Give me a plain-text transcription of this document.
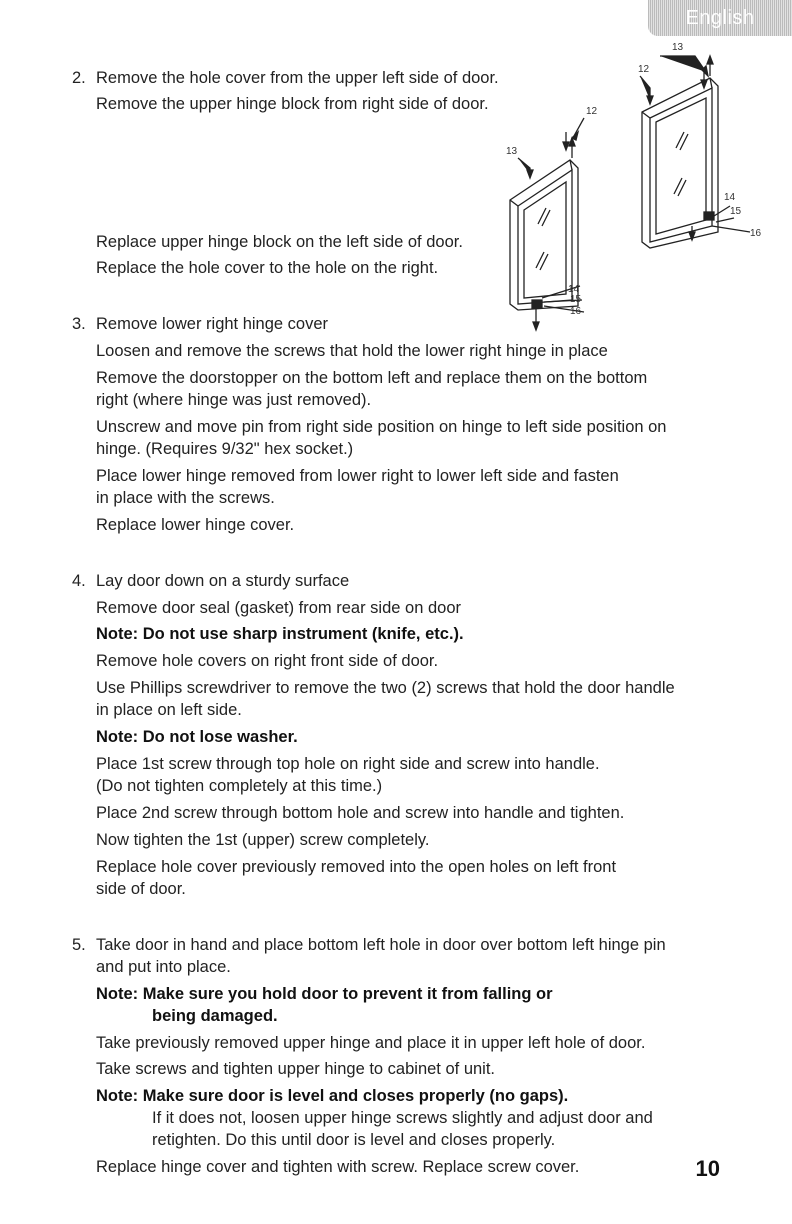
English
13
12
14
15
16
13
12
14
15
16
2. Remove the hole cover from the upper left side of door.
Remove the upper hinge block from right side of door.
Replace upper hinge block on the left side of door.
Replace the hole cover to the hole on the right.
3. Remove lower right hinge cover
Loosen and remove the screws that hold the lower right hinge in place
Remove the doorstopper on the bottom left and replace them on the bottom
right (where hinge was just removed).
Unscrew and move pin from right side position on hinge to left side position on
hinge. (Requires 9/32" hex socket.)
Place lower hinge removed from lower right to lower left side and fasten
in place with the screws.
Replace lower hinge cover.
4. Lay door down on a sturdy surface
Remove door seal (gasket) from rear side on door
Note: Do not use sharp instrument (knife, etc.).
Remove hole covers on right front side of door.
Use Phillips screwdriver to remove the two (2) screws that hold the door handle
in place on left side.
Note: Do not lose washer.
Place 1st screw through top hole on right side and screw into handle.
(Do not tighten completely at this time.)
Place 2nd screw through bottom hole and screw into handle and tighten.
Now tighten the 1st (upper) screw completely.
Replace hole cover previously removed into the open holes on left front
side of door.
5. Take door in hand and place bottom left hole in door over bottom left hinge pin
and put into place.
Note: Make sure you hold door to prevent it from falling or
being damaged.
Take previously removed upper hinge and place it in upper left hole of door.
Take screws and tighten upper hinge to cabinet of unit.
Note: Make sure door is level and closes properly (no gaps).
If it does not, loosen upper hinge screws slightly and adjust door and
retighten. Do this until door is level and closes properly.
Replace hinge cover and tighten with screw. Replace screw cover.	10
